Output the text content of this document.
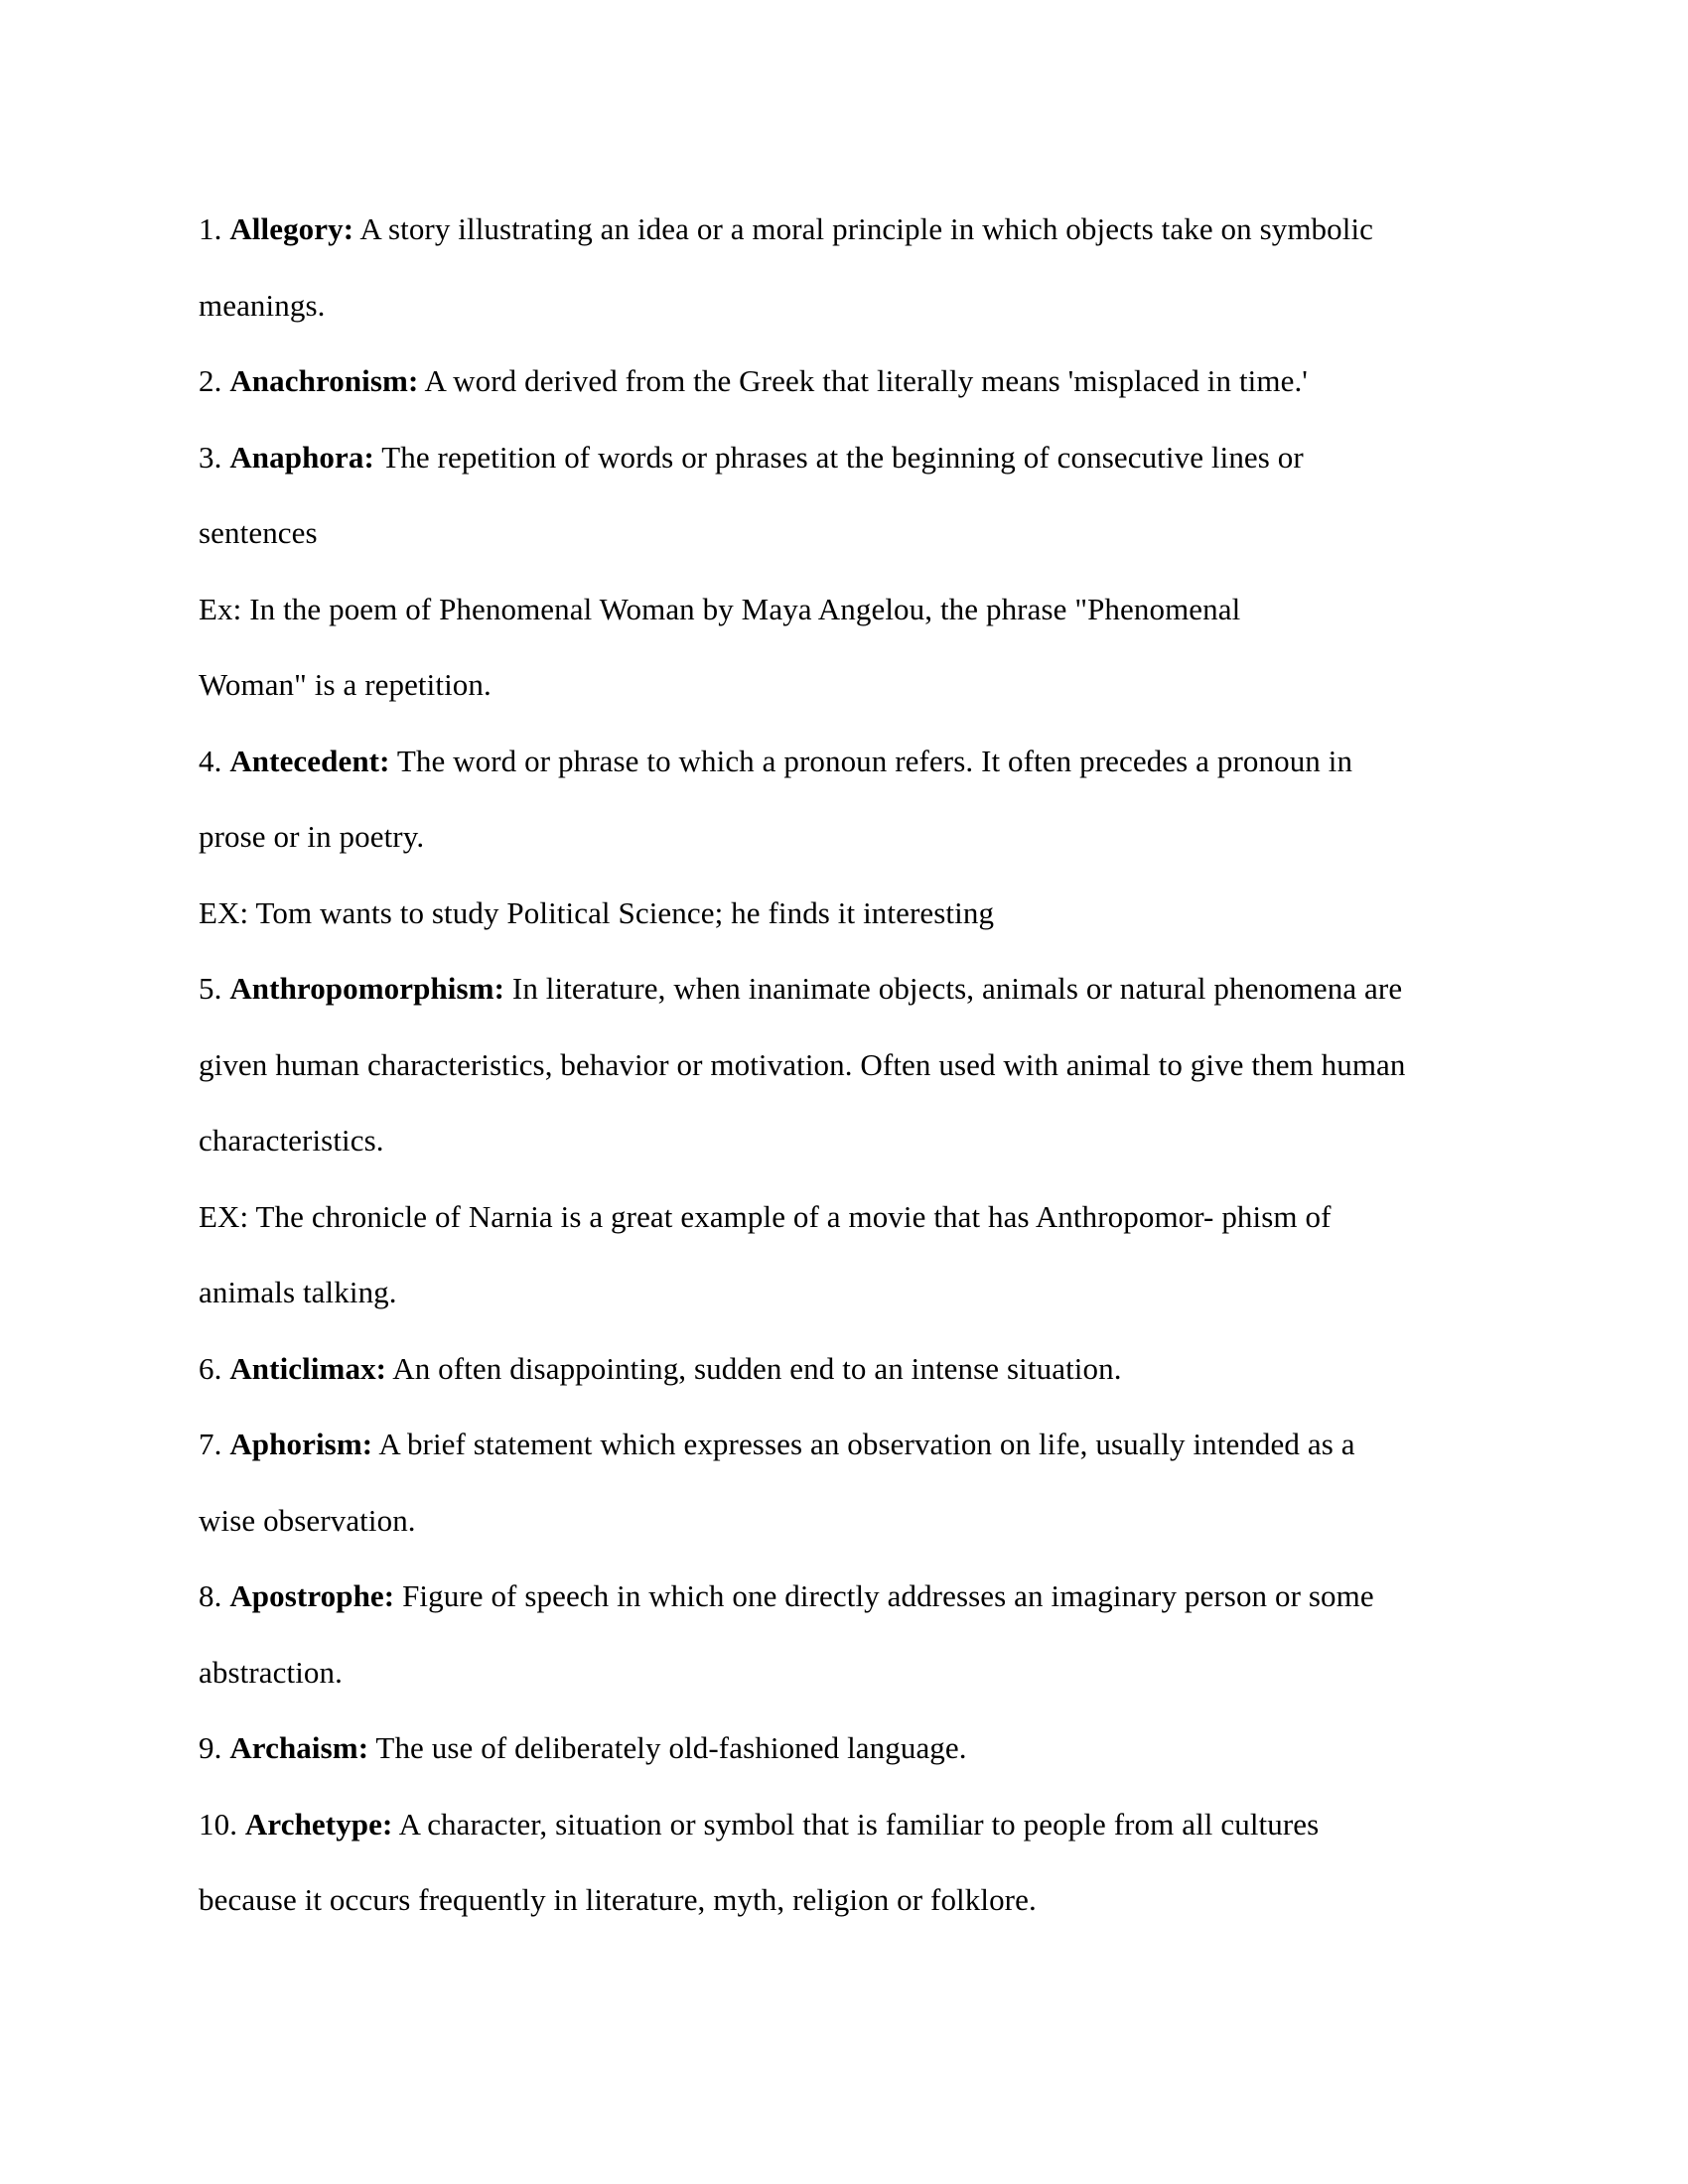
1. Allegory: A story illustrating an idea or a moral principle in which objects take on symbolic
meanings.
2. Anachronism: A word derived from the Greek that literally means 'misplaced in time.'
3. Anaphora: The repetition of words or phrases at the beginning of consecutive lines or
sentences
Ex: In the poem of Phenomenal Woman by Maya Angelou, the phrase "Phenomenal
Woman" is a repetition.
4. Antecedent: The word or phrase to which a pronoun refers. It often precedes a pronoun in
prose or in poetry.
EX: Tom wants to study Political Science; he finds it interesting
5. Anthropomorphism: In literature, when inanimate objects, animals or natural phenomena are
given human characteristics, behavior or motivation. Often used with animal to give them human
characteristics.
EX: The chronicle of Narnia is a great example of a movie that has Anthropomor- phism of
animals talking.
6. Anticlimax: An often disappointing, sudden end to an intense situation.
7. Aphorism: A brief statement which expresses an observation on life, usually intended as a
wise observation.
8. Apostrophe: Figure of speech in which one directly addresses an imaginary person or some
abstraction.
9. Archaism: The use of deliberately old-fashioned language.
10. Archetype: A character, situation or symbol that is familiar to people from all cultures
because it occurs frequently in literature, myth, religion or folklore.
